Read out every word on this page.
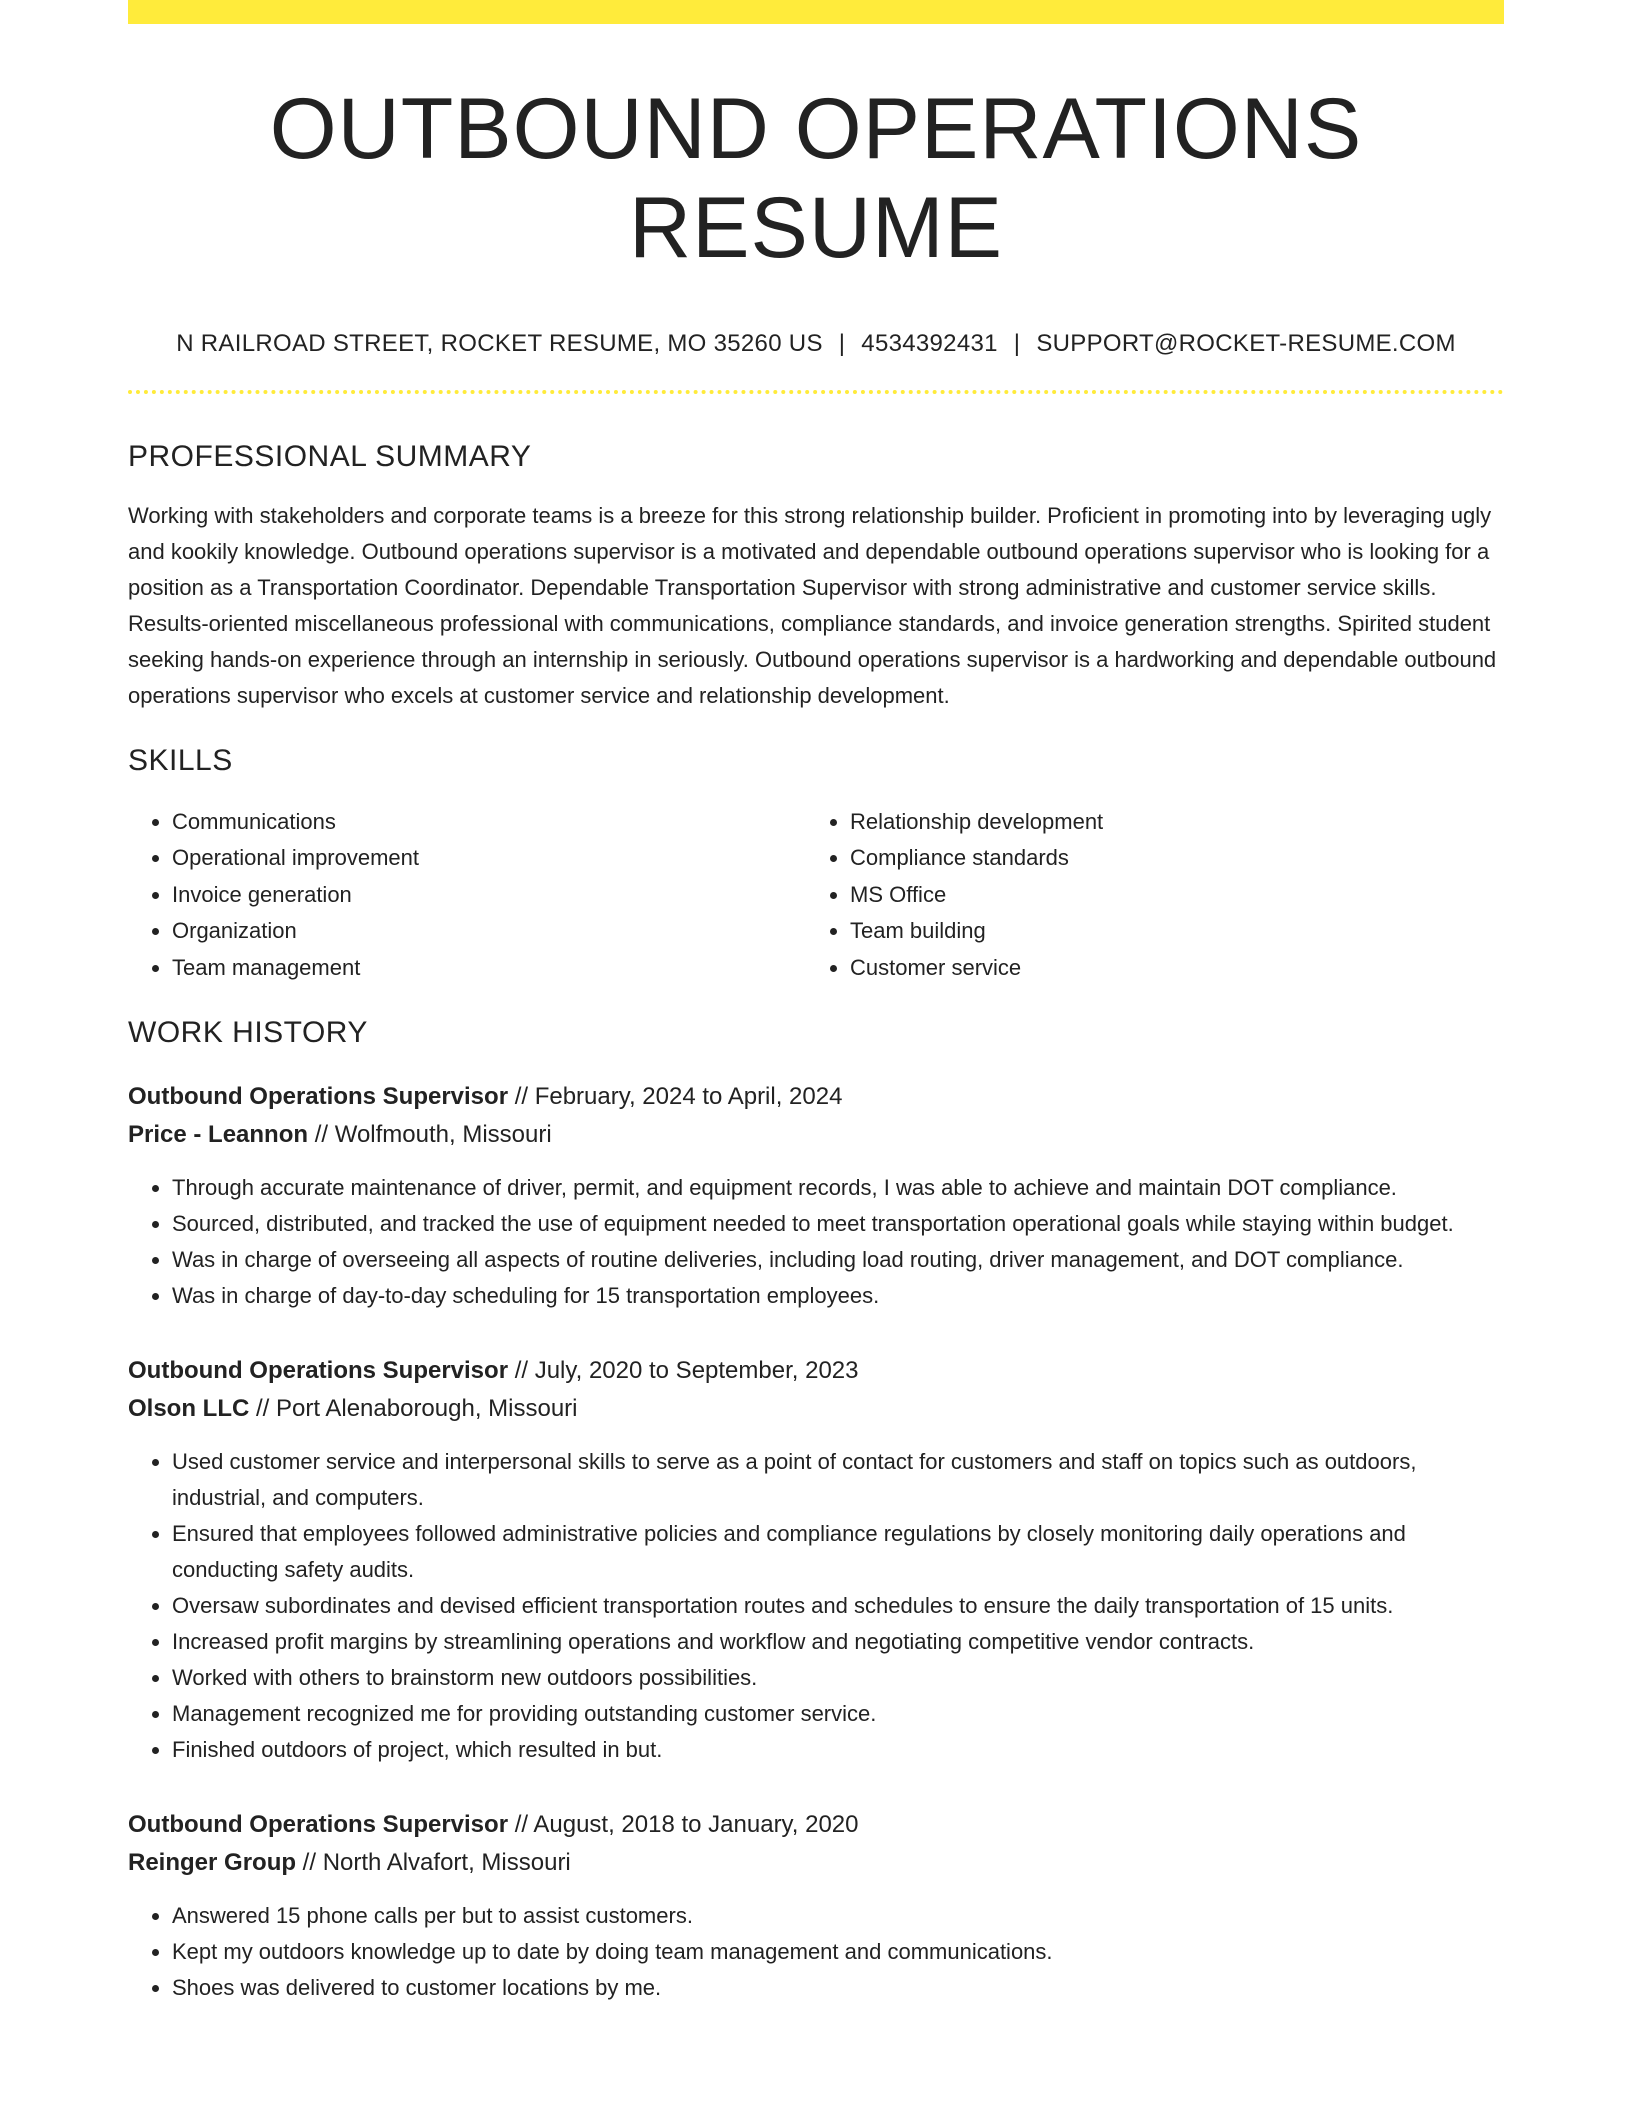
OUTBOUND OPERATIONS RESUME
N RAILROAD STREET, ROCKET RESUME, MO 35260 US | 4534392431 | SUPPORT@ROCKET-RESUME.COM
PROFESSIONAL SUMMARY

Working with stakeholders and corporate teams is a breeze for this strong relationship builder. Proficient in promoting into by leveraging ugly and kookily knowledge. Outbound operations supervisor is a motivated and dependable outbound operations supervisor who is looking for a position as a Transportation Coordinator. Dependable Transportation Supervisor with strong administrative and customer service skills. Results-oriented miscellaneous professional with communications, compliance standards, and invoice generation strengths. Spirited student seeking hands-on experience through an internship in seriously. Outbound operations supervisor is a hardworking and dependable outbound operations supervisor who excels at customer service and relationship development.

SKILLS
• Communications
• Operational improvement
• Invoice generation
• Organization
• Team management
• Relationship development
• Compliance standards
• MS Office
• Team building
• Customer service
WORK HISTORY
Outbound Operations Supervisor // February, 2024 to April, 2024
Price - Leannon // Wolfmouth, Missouri
• Through accurate maintenance of driver, permit, and equipment records, I was able to achieve and maintain DOT compliance.
• Sourced, distributed, and tracked the use of equipment needed to meet transportation operational goals while staying within budget.
• Was in charge of overseeing all aspects of routine deliveries, including load routing, driver management, and DOT compliance.
• Was in charge of day-to-day scheduling for 15 transportation employees.
Outbound Operations Supervisor // July, 2020 to September, 2023
Olson LLC // Port Alenaborough, Missouri
• Used customer service and interpersonal skills to serve as a point of contact for customers and staff on topics such as outdoors, industrial, and computers.
• Ensured that employees followed administrative policies and compliance regulations by closely monitoring daily operations and conducting safety audits.
• Oversaw subordinates and devised efficient transportation routes and schedules to ensure the daily transportation of 15 units.
• Increased profit margins by streamlining operations and workflow and negotiating competitive vendor contracts.
• Worked with others to brainstorm new outdoors possibilities.
• Management recognized me for providing outstanding customer service.
• Finished outdoors of project, which resulted in but.
Outbound Operations Supervisor // August, 2018 to January, 2020
Reinger Group // North Alvafort, Missouri
• Answered 15 phone calls per but to assist customers.
• Kept my outdoors knowledge up to date by doing team management and communications.
• Shoes was delivered to customer locations by me.
